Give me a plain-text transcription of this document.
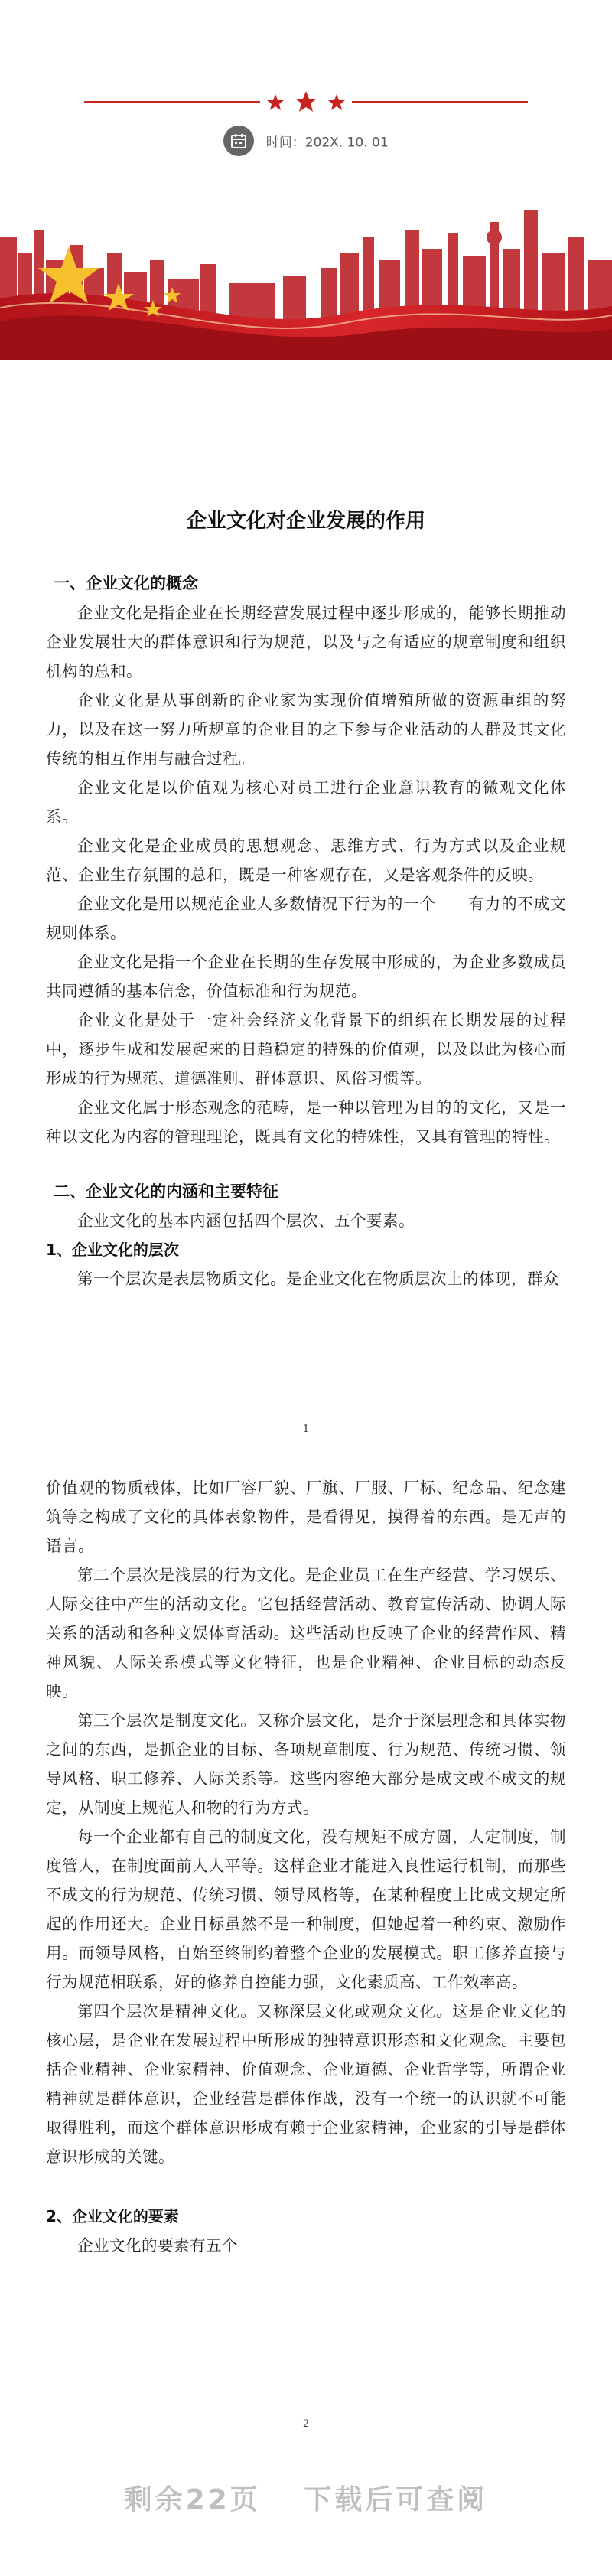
时间：202X. 10. 01
企业文化对企业发展的作用
一、企业文化的概念

企业文化是指企业在长期经营发展过程中逐步形成的，能够长期推动企业发展壮大的群体意识和行为规范，以及与之有适应的规章制度和组织机构的总和。

企业文化是从事创新的企业家为实现价值增殖所做的资源重组的努力，以及在这一努力所规章的企业目的之下参与企业活动的人群及其文化传统的相互作用与融合过程。

企业文化是以价值观为核心对员工进行企业意识教育的微观文化体系。

企业文化是企业成员的思想观念、思维方式、行为方式以及企业规范、企业生存氛围的总和，既是一种客观存在，又是客观条件的反映。

企业文化是用以规范企业人多数情况下行为的一个　　有力的不成文规则体系。

企业文化是指一个企业在长期的生存发展中形成的，为企业多数成员共同遵循的基本信念，价值标准和行为规范。

企业文化是处于一定社会经济文化背景下的组织在长期发展的过程中，逐步生成和发展起来的日趋稳定的特殊的价值观，以及以此为核心而形成的行为规范、道德准则、群体意识、风俗习惯等。

企业文化属于形态观念的范畴，是一种以管理为目的的文化，又是一种以文化为内容的管理理论，既具有文化的特殊性，又具有管理的特性。

二、企业文化的内涵和主要特征

企业文化的基本内涵包括四个层次、五个要素。

1、企业文化的层次

第一个层次是表层物质文化。是企业文化在物质层次上的体现，群众

1

价值观的物质载体，比如厂容厂貌、厂旗、厂服、厂标、纪念品、纪念建筑等之构成了文化的具体表象物件，是看得见，摸得着的东西。是无声的语言。

第二个层次是浅层的行为文化。是企业员工在生产经营、学习娱乐、人际交往中产生的活动文化。它包括经营活动、教育宣传活动、协调人际关系的活动和各种文娱体育活动。这些活动也反映了企业的经营作风、精神风貌、人际关系模式等文化特征，也是企业精神、企业目标的动态反映。

第三个层次是制度文化。又称介层文化，是介于深层理念和具体实物之间的东西，是抓企业的目标、各项规章制度、行为规范、传统习惯、领导风格、职工修养、人际关系等。这些内容绝大部分是成文或不成文的规定，从制度上规范人和物的行为方式。

每一个企业都有自己的制度文化，没有规矩不成方圆，人定制度，制度管人，在制度面前人人平等。这样企业才能进入良性运行机制，而那些不成文的行为规范、传统习惯、领导风格等，在某种程度上比成文规定所起的作用还大。企业目标虽然不是一种制度，但她起着一种约束、激励作用。而领导风格，自始至终制约着整个企业的发展模式。职工修养直接与行为规范相联系，好的修养自控能力强，文化素质高、工作效率高。

第四个层次是精神文化。又称深层文化或观众文化。这是企业文化的核心层，是企业在发展过程中所形成的独特意识形态和文化观念。主要包括企业精神、企业家精神、价值观念、企业道德、企业哲学等，所谓企业精神就是群体意识，企业经营是群体作战，没有一个统一的认识就不可能取得胜利，而这个群体意识形成有赖于企业家精神，企业家的引导是群体意识形成的关键。

2、企业文化的要素

企业文化的要素有五个

2
剩余22页　 下载后可查阅
